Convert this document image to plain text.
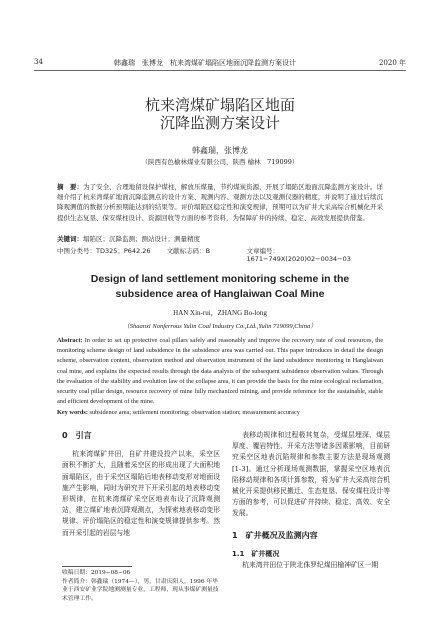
34	韩鑫瑞　张博龙　杭来湾煤矿塌陷区地面沉降监测方案设计	2020 年
杭来湾煤矿塌陷区地面
沉降监测方案设计
韩鑫瑞，张博龙
（陕西有色榆林煤业有限公司，陕西 榆林　719099）
摘　要：为了安全、合理地留设保护煤柱，解放压煤量，节约煤炭资源，开展了塌陷区地面沉降监测方案设计。详细介绍了杭来湾煤矿地面沉降监测点的设计方案、观测内容、观测方法以及观测仪器的精度，并说明了通过后续沉降观测值的数据分析预期能达到的结果等。评价塌陷区稳定性和演变规律，预期可以为矿井大采高综合机械化开采提供生态复垦、保安煤柱设计、资源回收等方面的参考资料，为保障矿井的持续、稳定、高效发展提供借鉴。
关键词：塌陷区；沉降监测；测站设计；测量精度
中图分类号：TD325；P642.26	文献标志码：B	文章编号：1671−749X(2020)02−0034−03
Design of land settlement monitoring scheme in the
subsidence area of Hanglaiwan Coal Mine
HAN Xin-rui，ZHANG Bo-long
（Shaanxi Nonferrous Yulin Coal Industry Co.,Ltd.,Yulin 719099,China）
Abstract: In order to set up protective coal pillars safely and reasonably and improve the recovery rate of coal resources, the monitoring scheme design of land subsidence in the subsidence area was carried out. This paper introduces in detail the design scheme, observation content, observation method and observation instrument of the land subsidence monitoring in Hanglaiwan coal mine, and explains the expected results through the data analysis of the subsequent subsidence observation values. Through the evaluation of the stability and evolution law of the collapse area, it can provide the basis for the mine ecological reclamation, security coal pillar design, resource recovery of mine fully mechanized mining, and provide reference for the sustainable, stable and efficient development of the mine.
Key words: subsidence area; settlement monitoring; observation station; measurement accuracy
0　引言

杭来湾煤矿井田，自矿井建设投产以来，采空区面积不断扩大，且随着采空区的形成出现了大面积地面塌陷区，由于采空区塌陷后地表移动变形对地面设施产生影响，同时为研究井下开采引起的地表移动变形规律，在杭来湾煤矿采空区地表布设了沉降观测站，建立煤矿地表沉降观测点，为探索地表移动变形规律、评价塌陷区的稳定性和演变规律提供参考。然而开采引起的岩层与地

收稿日期：2019−08−06
作者简介：韩鑫瑞（1974—），男，甘肃庆阳人，1996 年毕业于西安矿业学院地测测量专业，工程师，现从事煤矿测量技术管理工作。

表移动规律和过程极其复杂，受煤层埋深、煤层厚度、覆岩特性、开采方法等诸多因素影响，目前研究采空区地表沉陷规律和参数主要方法是现场观测[1-3]。通过分析现场观测数据，掌握采空区地表沉陷移动规律和各项计算参数，将为矿井大采高综合机械化开采提供移民搬迁、生态复垦、保安煤柱设计等方面的参考，可以促进矿井持续、稳定、高效、安全发展。

1　矿井概况及监测内容
1.1　矿井概况

杭来湾井田位于陕北侏罗纪煤田榆神矿区一期
